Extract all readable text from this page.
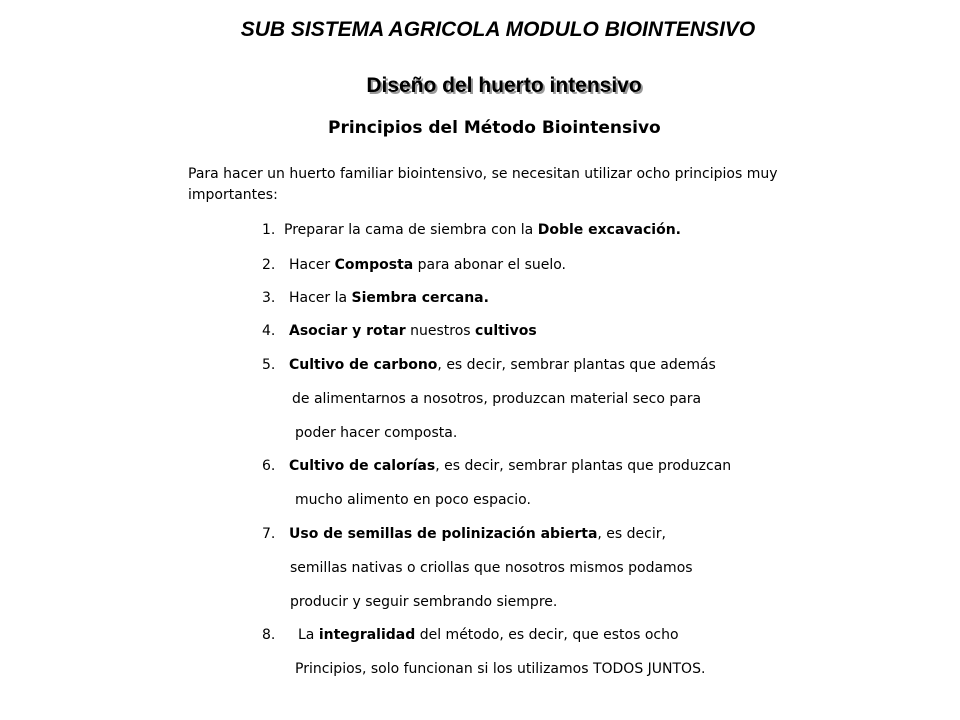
SUB SISTEMA AGRICOLA MODULO BIOINTENSIVO
Diseño del huerto intensivo
Principios del Método Biointensivo
Para hacer un huerto familiar biointensivo, se necesitan utilizar ocho principios muy importantes:
1. Preparar la cama de siembra con la Doble excavación.
2. Hacer Composta para abonar el suelo.
3. Hacer la Siembra cercana.
4. Asociar y rotar nuestros cultivos
5. Cultivo de carbono, es decir, sembrar plantas que además
de alimentarnos a nosotros, produzcan material seco para
poder hacer composta.
6. Cultivo de calorías, es decir, sembrar plantas que produzcan
mucho alimento en poco espacio.
7. Uso de semillas de polinización abierta, es decir,
semillas nativas o criollas que nosotros mismos podamos
producir y seguir sembrando siempre.
8. La integralidad del método, es decir, que estos ocho
Principios, solo funcionan si los utilizamos TODOS JUNTOS.
